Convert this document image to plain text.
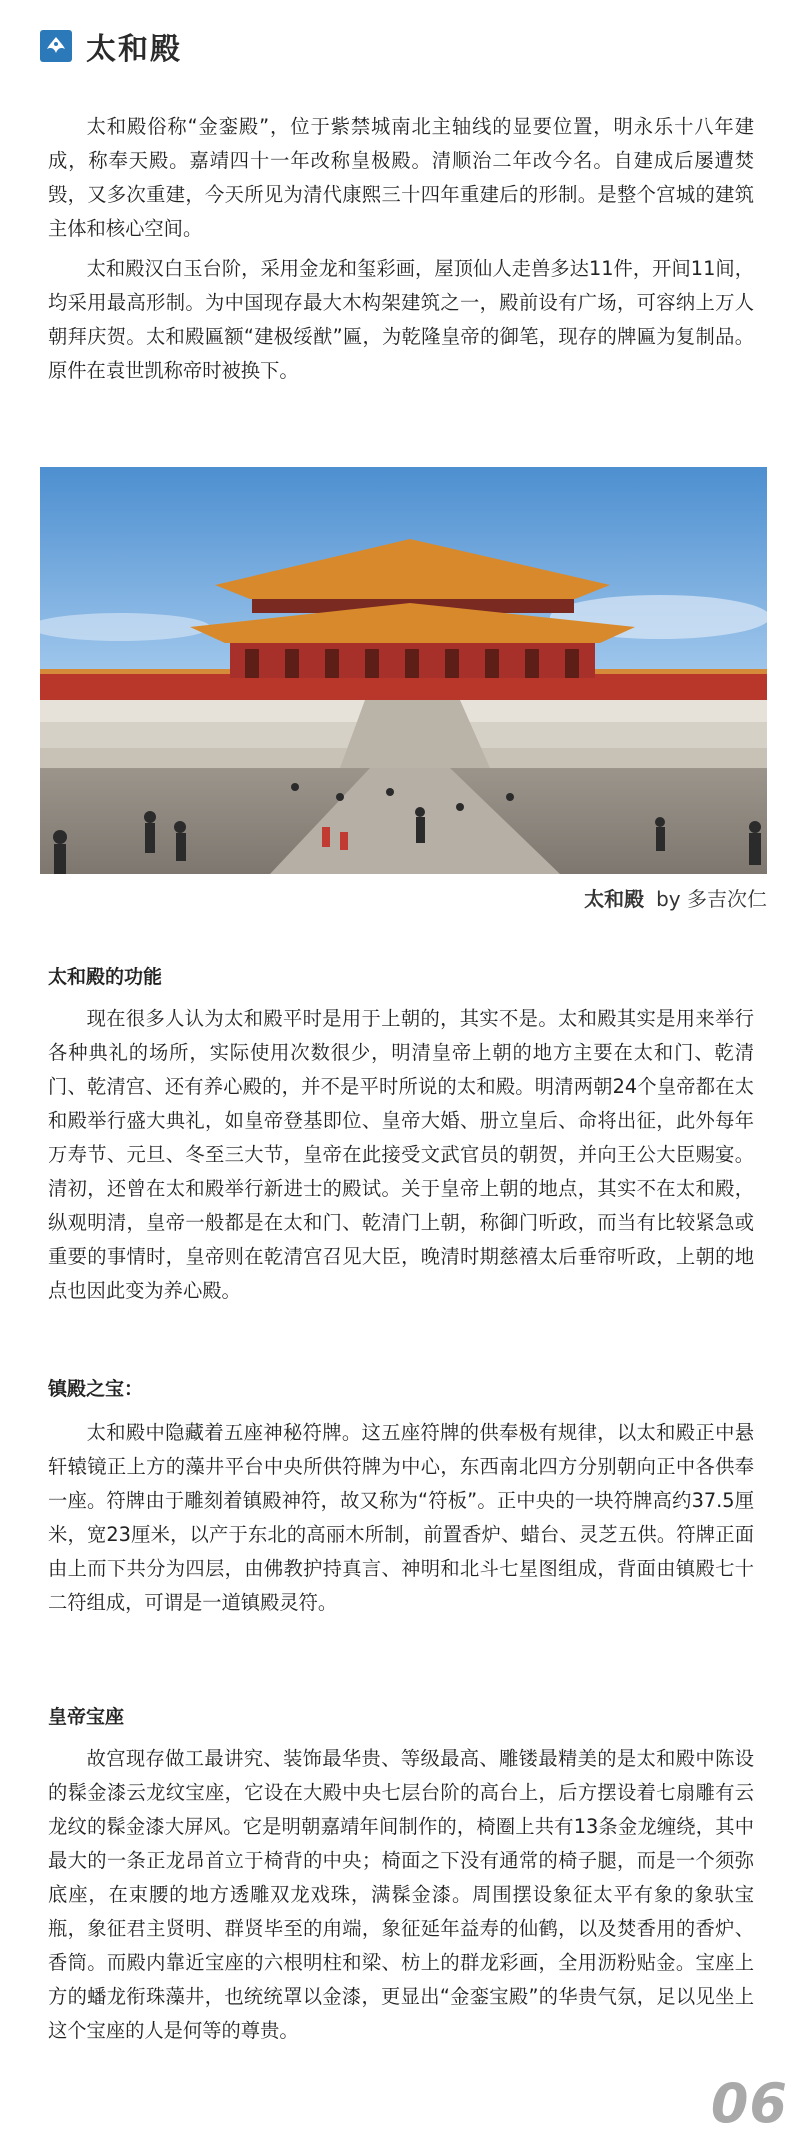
太和殿

太和殿俗称“金銮殿”，位于紫禁城南北主轴线的显要位置，明永乐十八年建成，称奉天殿。嘉靖四十一年改称皇极殿。清顺治二年改今名。自建成后屡遭焚毁，又多次重建，今天所见为清代康熙三十四年重建后的形制。是整个宫城的建筑主体和核心空间。

太和殿汉白玉台阶，采用金龙和玺彩画，屋顶仙人走兽多达11件，开间11间，均采用最高形制。为中国现存最大木构架建筑之一，殿前设有广场，可容纳上万人朝拜庆贺。太和殿匾额“建极绥猷”匾，为乾隆皇帝的御笔，现存的牌匾为复制品。原件在袁世凯称帝时被换下。

太和殿 by 多吉次仁
太和殿的功能

现在很多人认为太和殿平时是用于上朝的，其实不是。太和殿其实是用来举行各种典礼的场所，实际使用次数很少，明清皇帝上朝的地方主要在太和门、乾清门、乾清宫、还有养心殿的，并不是平时所说的太和殿。明清两朝24个皇帝都在太和殿举行盛大典礼，如皇帝登基即位、皇帝大婚、册立皇后、命将出征，此外每年万寿节、元旦、冬至三大节，皇帝在此接受文武官员的朝贺，并向王公大臣赐宴。清初，还曾在太和殿举行新进士的殿试。关于皇帝上朝的地点，其实不在太和殿，纵观明清，皇帝一般都是在太和门、乾清门上朝，称御门听政，而当有比较紧急或重要的事情时，皇帝则在乾清宫召见大臣，晚清时期慈禧太后垂帘听政，上朝的地点也因此变为养心殿。

镇殿之宝：

太和殿中隐藏着五座神秘符牌。这五座符牌的供奉极有规律，以太和殿正中悬轩辕镜正上方的藻井平台中央所供符牌为中心，东西南北四方分别朝向正中各供奉一座。符牌由于雕刻着镇殿神符，故又称为“符板”。正中央的一块符牌高约37.5厘米，宽23厘米，以产于东北的高丽木所制，前置香炉、蜡台、灵芝五供。符牌正面由上而下共分为四层，由佛教护持真言、神明和北斗七星图组成，背面由镇殿七十二符组成，可谓是一道镇殿灵符。

皇帝宝座

故宫现存做工最讲究、装饰最华贵、等级最高、雕镂最精美的是太和殿中陈设的髹金漆云龙纹宝座，它设在大殿中央七层台阶的高台上，后方摆设着七扇雕有云龙纹的髹金漆大屏风。它是明朝嘉靖年间制作的，椅圈上共有13条金龙缠绕，其中最大的一条正龙昂首立于椅背的中央；椅面之下没有通常的椅子腿，而是一个须弥底座，在束腰的地方透雕双龙戏珠，满髹金漆。周围摆设象征太平有象的象驮宝瓶，象征君主贤明、群贤毕至的甪端，象征延年益寿的仙鹤，以及焚香用的香炉、香筒。而殿内靠近宝座的六根明柱和梁、枋上的群龙彩画，全用沥粉贴金。宝座上方的蟠龙衔珠藻井，也统统罩以金漆，更显出“金銮宝殿”的华贵气氛，足以见坐上这个宝座的人是何等的尊贵。

06
